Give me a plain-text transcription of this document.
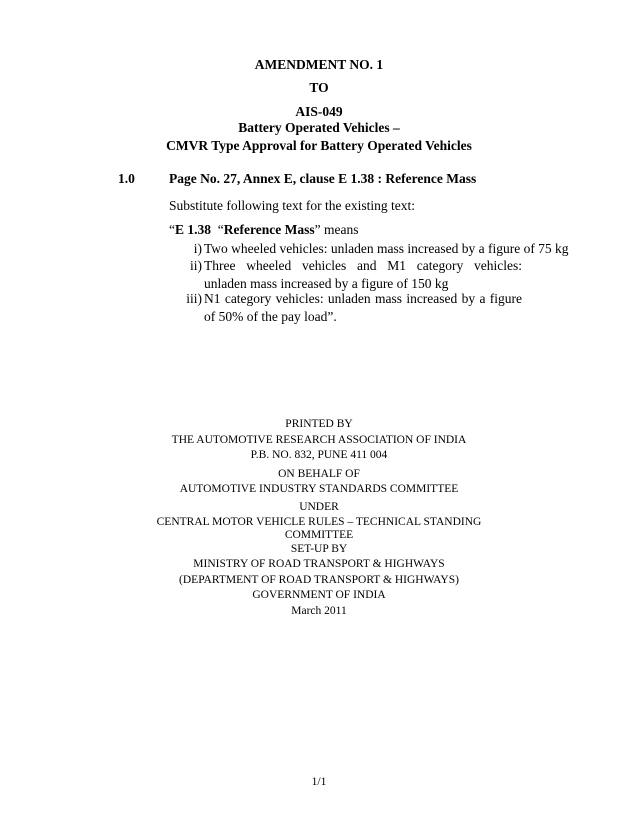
AMENDMENT NO. 1
TO
AIS-049
Battery Operated Vehicles –
CMVR Type Approval for Battery Operated Vehicles
1.0	Page No. 27, Annex E, clause E 1.38 : Reference Mass
Substitute following text for the existing text:
“E 1.38  “Reference Mass” means
i) Two wheeled vehicles: unladen mass increased by a figure of 75 kg
ii) Three wheeled vehicles and M1 category vehicles: unladen mass increased by a figure of 150 kg
iii) N1 category vehicles: unladen mass increased by a figure of 50% of the pay load”.
PRINTED BY
THE AUTOMOTIVE RESEARCH ASSOCIATION OF INDIA
P.B. NO. 832, PUNE 411 004
ON BEHALF OF
AUTOMOTIVE INDUSTRY STANDARDS COMMITTEE
UNDER
CENTRAL MOTOR VEHICLE RULES – TECHNICAL STANDING
COMMITTEE
SET-UP BY
MINISTRY OF ROAD TRANSPORT & HIGHWAYS
(DEPARTMENT OF ROAD TRANSPORT & HIGHWAYS)
GOVERNMENT OF INDIA
March 2011
1/1
